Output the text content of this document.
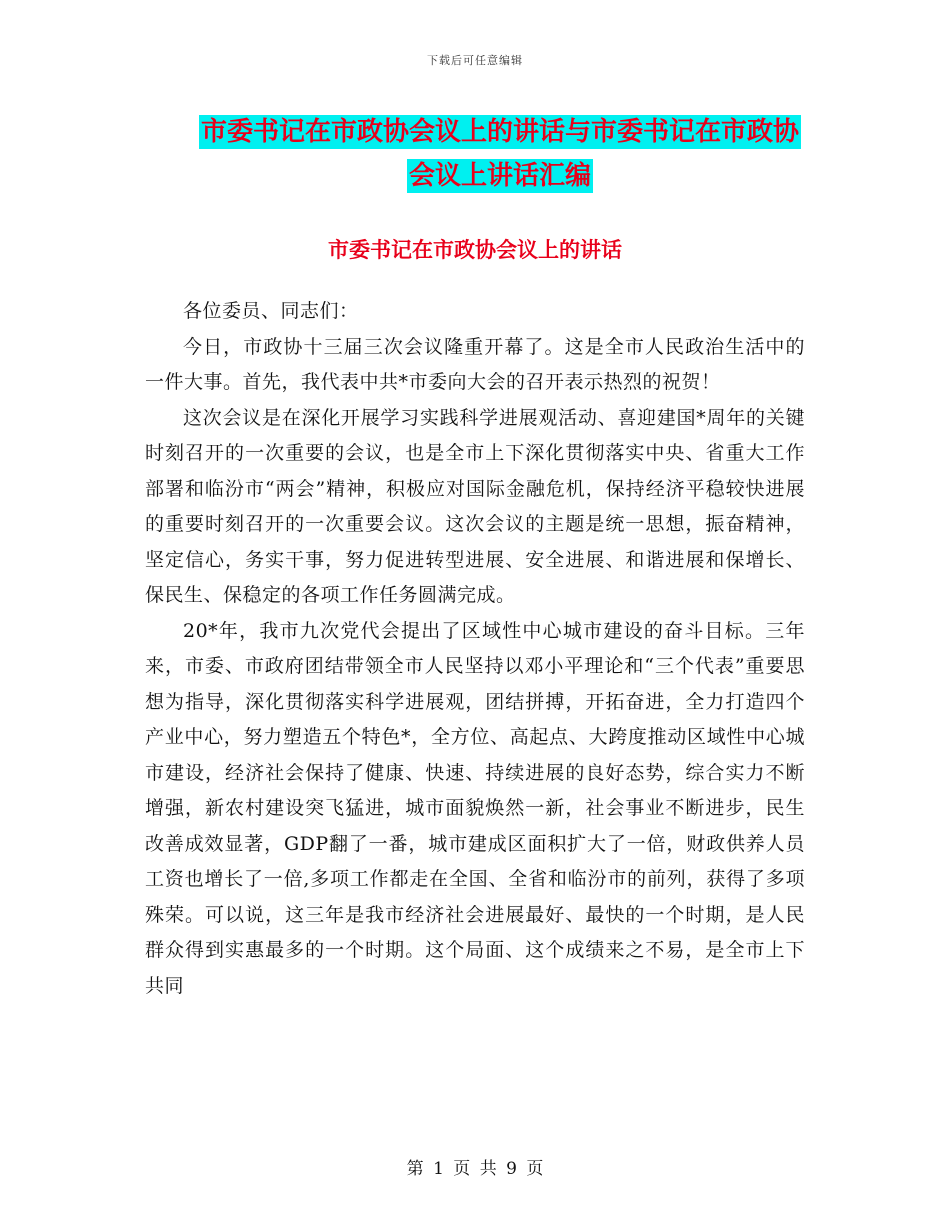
下载后可任意编辑
市委书记在市政协会议上的讲话与市委书记在市政协
会议上讲话汇编
市委书记在市政协会议上的讲话

各位委员、同志们：

今日，市政协十三届三次会议隆重开幕了。这是全市人民政治生活中的一件大事。首先，我代表中共*市委向大会的召开表示热烈的祝贺！

这次会议是在深化开展学习实践科学进展观活动、喜迎建国*周年的关键时刻召开的一次重要的会议，也是全市上下深化贯彻落实中央、省重大工作部署和临汾市“两会”精神，积极应对国际金融危机，保持经济平稳较快进展的重要时刻召开的一次重要会议。这次会议的主题是统一思想，振奋精神，坚定信心，务实干事，努力促进转型进展、安全进展、和谐进展和保增长、保民生、保稳定的各项工作任务圆满完成。

20*年，我市九次党代会提出了区域性中心城市建设的奋斗目标。三年来，市委、市政府团结带领全市人民坚持以邓小平理论和“三个代表”重要思想为指导，深化贯彻落实科学进展观，团结拼搏，开拓奋进，全力打造四个产业中心，努力塑造五个特色*，全方位、高起点、大跨度推动区域性中心城市建设，经济社会保持了健康、快速、持续进展的良好态势，综合实力不断增强，新农村建设突飞猛进，城市面貌焕然一新，社会事业不断进步，民生改善成效显著，GDP翻了一番，城市建成区面积扩大了一倍，财政供养人员工资也增长了一倍,多项工作都走在全国、全省和临汾市的前列，获得了多项殊荣。可以说，这三年是我市经济社会进展最好、最快的一个时期，是人民群众得到实惠最多的一个时期。这个局面、这个成绩来之不易，是全市上下共同

第 1 页 共 9 页
